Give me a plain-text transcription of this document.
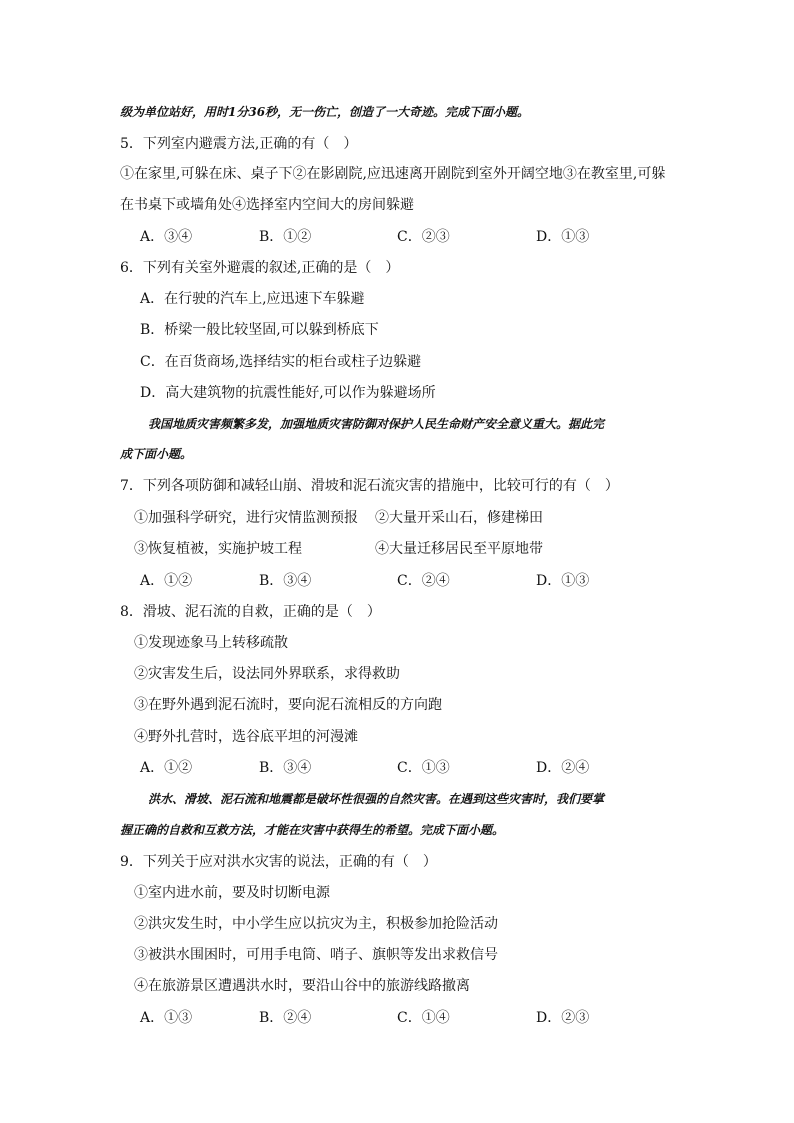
级为单位站好，用时1分36秒，无一伤亡，创造了一大奇迹。完成下面小题。
5．下列室内避震方法,正确的有（　）
①在家里,可躲在床、桌子下②在影剧院,应迅速离开剧院到室外开阔空地③在教室里,可躲
在书桌下或墙角处④选择室内空间大的房间躲避
A．③④	B．①②	C．②③	D．①③
6．下列有关室外避震的叙述,正确的是（　）
A．在行驶的汽车上,应迅速下车躲避
B．桥梁一般比较坚固,可以躲到桥底下
C．在百货商场,选择结实的柜台或柱子边躲避
D．高大建筑物的抗震性能好,可以作为躲避场所
我国地质灾害频繁多发，加强地质灾害防御对保护人民生命财产安全意义重大。据此完
成下面小题。
7．下列各项防御和减轻山崩、滑坡和泥石流灾害的措施中，比较可行的有（　）
①加强科学研究，进行灾情监测预报 ②大量开采山石，修建梯田
③恢复植被，实施护坡工程	④大量迁移居民至平原地带
A．①②	B．③④	C．②④	D．①③
8．滑坡、泥石流的自救，正确的是（　）
①发现迹象马上转移疏散
②灾害发生后，设法同外界联系，求得救助
③在野外遇到泥石流时，要向泥石流相反的方向跑
④野外扎营时，选谷底平坦的河漫滩
A．①②	B．③④	C．①③	D．②④
洪水、滑坡、泥石流和地震都是破坏性很强的自然灾害。在遇到这些灾害时，我们要掌
握正确的自救和互救方法，才能在灾害中获得生的希望。完成下面小题。
9．下列关于应对洪水灾害的说法，正确的有（　）
①室内进水前，要及时切断电源
②洪灾发生时，中小学生应以抗灾为主，积极参加抢险活动
③被洪水围困时，可用手电筒、哨子、旗帜等发出求救信号
④在旅游景区遭遇洪水时，要沿山谷中的旅游线路撤离
A．①③	B．②④	C．①④	D．②③
